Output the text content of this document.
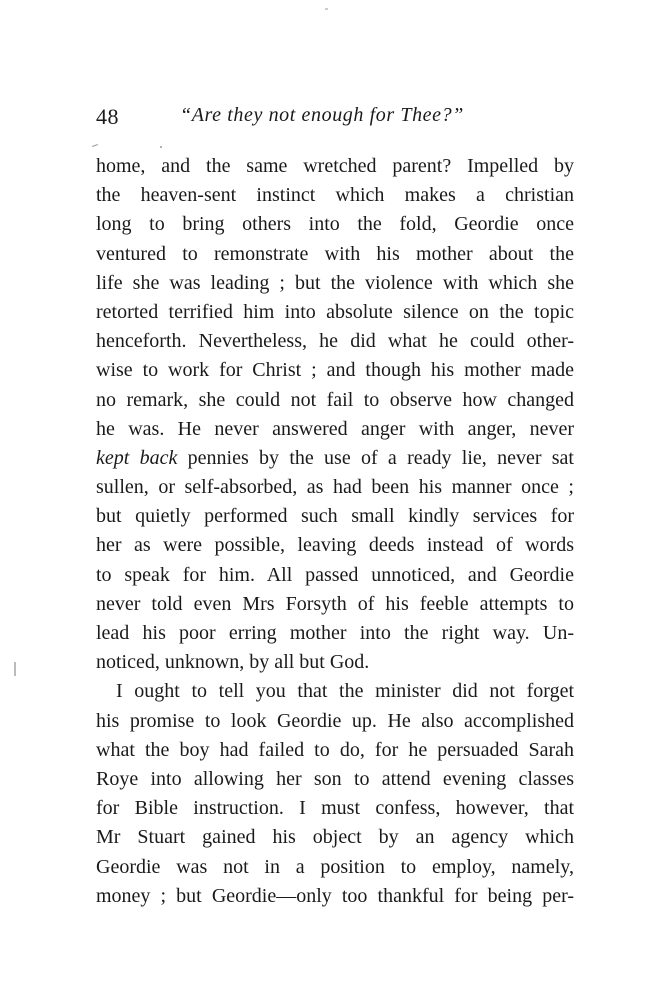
48	“Are they not enough for Thee?”
home, and the same wretched parent? Impelled by
the heaven-sent instinct which makes a christian
long to bring others into the fold, Geordie once
ventured to remonstrate with his mother about the
life she was leading ; but the violence with which she
retorted terrified him into absolute silence on the topic
henceforth. Nevertheless, he did what he could other-
wise to work for Christ ; and though his mother made
no remark, she could not fail to observe how changed
he was. He never answered anger with anger, never
kept back pennies by the use of a ready lie, never sat
sullen, or self-absorbed, as had been his manner once ;
but quietly performed such small kindly services for
her as were possible, leaving deeds instead of words
to speak for him. All passed unnoticed, and Geordie
never told even Mrs Forsyth of his feeble attempts to
lead his poor erring mother into the right way. Un-
noticed, unknown, by all but God.
I ought to tell you that the minister did not forget
his promise to look Geordie up. He also accomplished
what the boy had failed to do, for he persuaded Sarah
Roye into allowing her son to attend evening classes
for Bible instruction. I must confess, however, that
Mr Stuart gained his object by an agency which
Geordie was not in a position to employ, namely,
money ; but Geordie—only too thankful for being per-
